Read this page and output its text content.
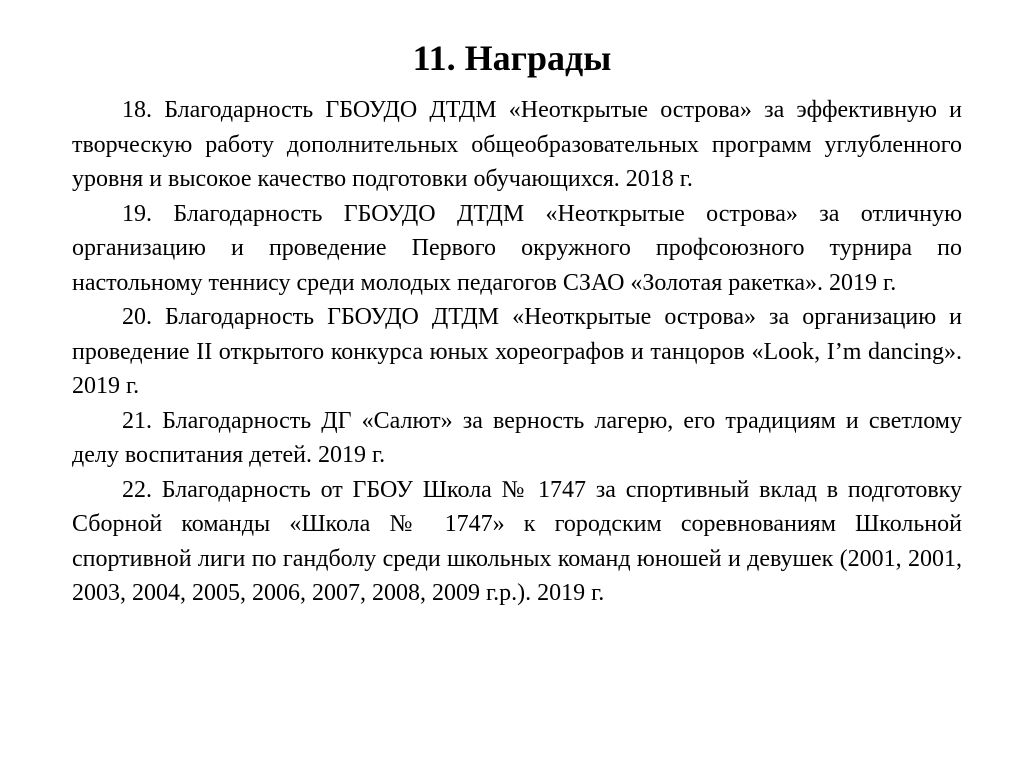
11. Награды
18. Благодарность ГБОУДО ДТДМ «Неоткрытые острова» за эффективную и творческую работу дополнительных общеобразовательных программ углубленного уровня и высокое качество подготовки обучающихся. 2018 г.
19. Благодарность ГБОУДО ДТДМ «Неоткрытые острова» за отличную организацию и проведение Первого окружного профсоюзного турнира по настольному теннису среди молодых педагогов СЗАО «Золотая ракетка». 2019 г.
20. Благодарность ГБОУДО ДТДМ «Неоткрытые острова» за организацию и проведение II открытого конкурса юных хореографов и танцоров «Look, I’m dancing». 2019 г.
21. Благодарность ДГ «Салют» за верность лагерю, его традициям и светлому делу воспитания детей. 2019 г.
22. Благодарность от ГБОУ Школа № 1747 за спортивный вклад в подготовку Сборной команды «Школа № 1747» к городским соревнованиям Школьной спортивной лиги по гандболу среди школьных команд юношей и девушек (2001, 2001, 2003, 2004, 2005, 2006, 2007, 2008, 2009 г.р.). 2019 г.
